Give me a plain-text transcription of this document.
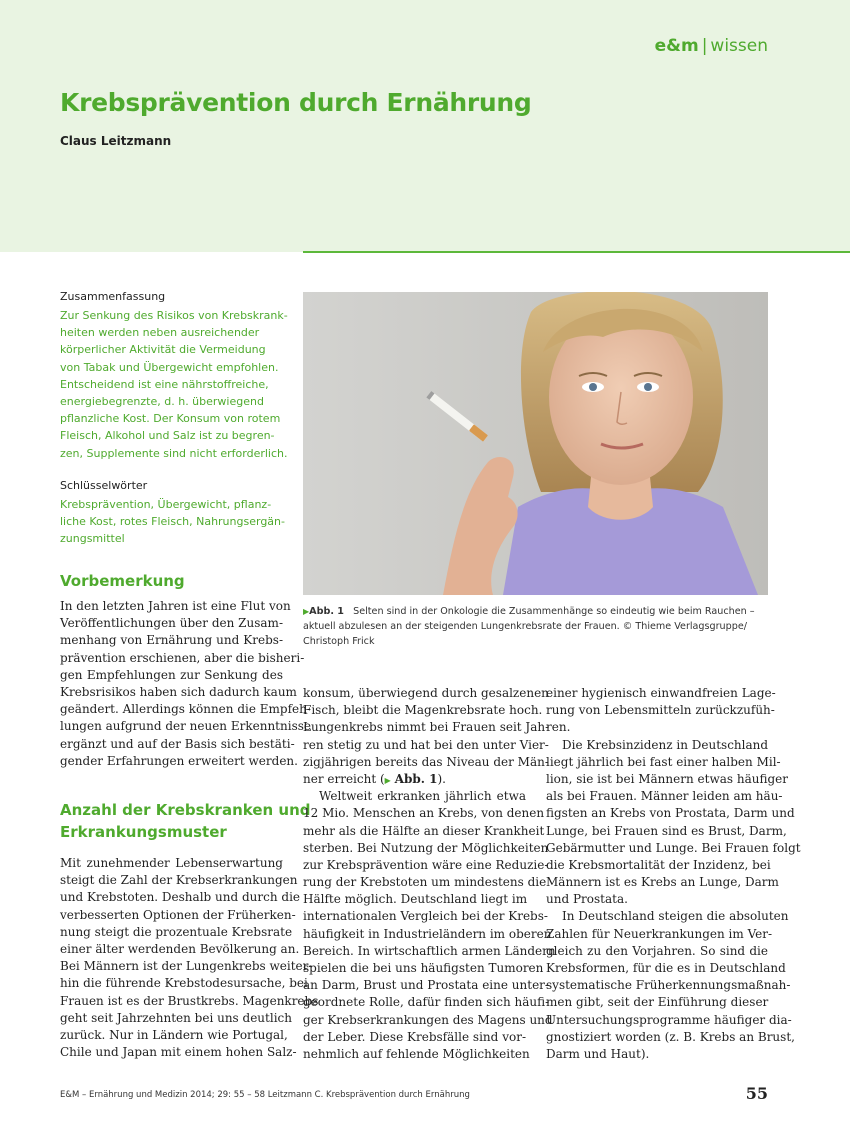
e&m | wissen
Krebsprävention durch Ernährung
Claus Leitzmann
Zusammenfassung
Zur Senkung des Risikos von Krebskrank-
heiten werden neben ausreichender
körperlicher Aktivität die Vermeidung
von Tabak und Übergewicht empfohlen.
Entscheidend ist eine nährstoffreiche,
energiebegrenzte, d. h. überwiegend
pflanzliche Kost. Der Konsum von rotem
Fleisch, Alkohol und Salz ist zu begren-
zen, Supplemente sind nicht erforderlich.
Schlüsselwörter
Krebsprävention, Übergewicht, pflanz-
liche Kost, rotes Fleisch, Nahrungsergän-
zungsmittel
Vorbemerkung
In den letzten Jahren ist eine Flut von
Veröffentlichungen über den Zusam-
menhang von Ernährung und Krebs-
prävention erschienen, aber die bisheri-
gen Empfehlungen zur Senkung des
Krebsrisikos haben sich dadurch kaum
geändert. Allerdings können die Empfeh-
lungen aufgrund der neuen Erkenntnisse
ergänzt und auf der Basis sich bestäti-
gender Erfahrungen erweitert werden.
Anzahl der Krebskranken und
Erkrankungsmuster
Mit zunehmender Lebenserwartung
steigt die Zahl der Krebserkrankungen
und Krebstoten. Deshalb und durch die
verbesserten Optionen der Früherken-
nung steigt die prozentuale Krebsrate
einer älter werdenden Bevölkerung an.
Bei Männern ist der Lungenkrebs weiter-
hin die führende Krebstodesursache, bei
Frauen ist es der Brustkrebs. Magenkrebs
geht seit Jahrzehnten bei uns deutlich
zurück. Nur in Ländern wie Portugal,
Chile und Japan mit einem hohen Salz-
▶Abb. 1 Selten sind in der Onkologie die Zusammenhänge so eindeutig wie beim Rauchen –
aktuell abzulesen an der steigenden Lungenkrebsrate der Frauen. © Thieme Verlagsgruppe/
Christoph Frick
konsum, überwiegend durch gesalzenen
Fisch, bleibt die Magenkrebsrate hoch.
Lungenkrebs nimmt bei Frauen seit Jah-
ren stetig zu und hat bei den unter Vier-
zigjährigen bereits das Niveau der Män-
ner erreicht (▶ Abb. 1).
Weltweit erkranken jährlich etwa
12 Mio. Menschen an Krebs, von denen
mehr als die Hälfte an dieser Krankheit
sterben. Bei Nutzung der Möglichkeiten
zur Krebsprävention wäre eine Reduzie-
rung der Krebstoten um mindestens die
Hälfte möglich. Deutschland liegt im
internationalen Vergleich bei der Krebs-
häufigkeit in Industrieländern im oberen
Bereich. In wirtschaftlich armen Ländern
spielen die bei uns häufigsten Tumoren
an Darm, Brust und Prostata eine unter-
geordnete Rolle, dafür finden sich häufi-
ger Krebserkrankungen des Magens und
der Leber. Diese Krebsfälle sind vor-
nehmlich auf fehlende Möglichkeiten
einer hygienisch einwandfreien Lage-
rung von Lebensmitteln zurückzufüh-
ren.
Die Krebsinzidenz in Deutschland
liegt jährlich bei fast einer halben Mil-
lion, sie ist bei Männern etwas häufiger
als bei Frauen. Männer leiden am häu-
figsten an Krebs von Prostata, Darm und
Lunge, bei Frauen sind es Brust, Darm,
Gebärmutter und Lunge. Bei Frauen folgt
die Krebsmortalität der Inzidenz, bei
Männern ist es Krebs an Lunge, Darm
und Prostata.
In Deutschland steigen die absoluten
Zahlen für Neuerkrankungen im Ver-
gleich zu den Vorjahren. So sind die
Krebsformen, für die es in Deutschland
systematische Früherkennungsmaßnah-
men gibt, seit der Einführung dieser
Untersuchungsprogramme häufiger dia-
gnostiziert worden (z. B. Krebs an Brust,
Darm und Haut).
E&M – Ernährung und Medizin 2014; 29: 55 – 58 Leitzmann C. Krebsprävention durch Ernährung	55
